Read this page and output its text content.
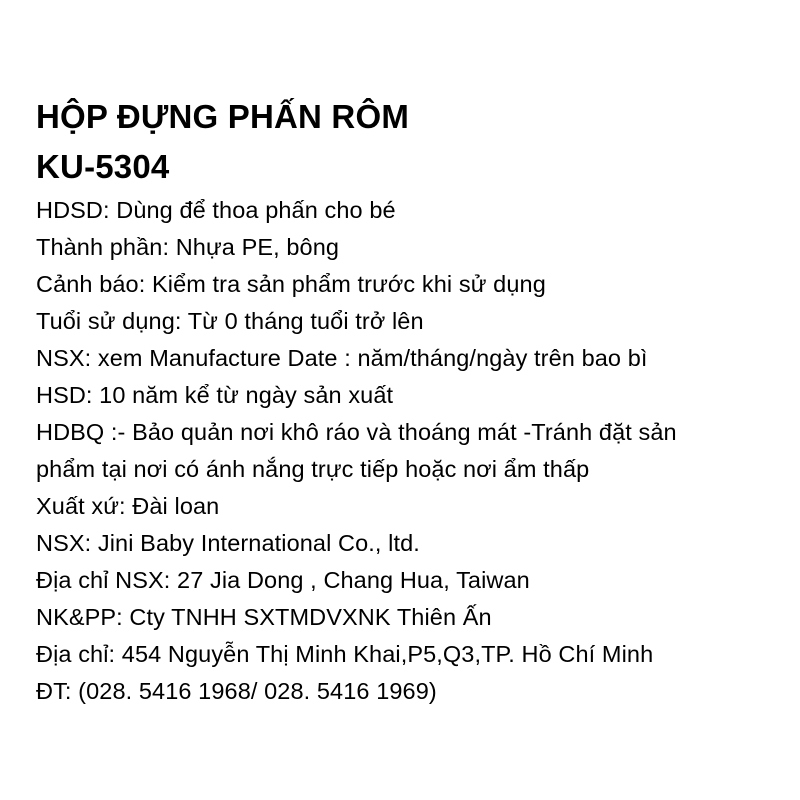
HỘP ĐỰNG PHẤN RÔM
KU-5304
HDSD: Dùng để thoa phấn cho bé
Thành phần: Nhựa PE, bông
Cảnh báo: Kiểm tra sản phẩm trước khi sử dụng
Tuổi sử dụng: Từ 0 tháng tuổi trở lên
NSX: xem Manufacture Date : năm/tháng/ngày trên bao bì
HSD: 10 năm kể từ ngày sản xuất
HDBQ :- Bảo quản nơi khô ráo và thoáng mát -Tránh đặt sản
phẩm tại nơi có ánh nắng trực tiếp hoặc nơi ẩm thấp
Xuất xứ: Đài loan
NSX: Jini Baby International Co., ltd.
Địa chỉ NSX: 27 Jia Dong , Chang Hua, Taiwan
NK&PP: Cty TNHH SXTMDVXNK Thiên Ấn
Địa chỉ: 454 Nguyễn Thị Minh Khai,P5,Q3,TP. Hồ Chí Minh
ĐT: (028. 5416 1968/ 028. 5416 1969)
